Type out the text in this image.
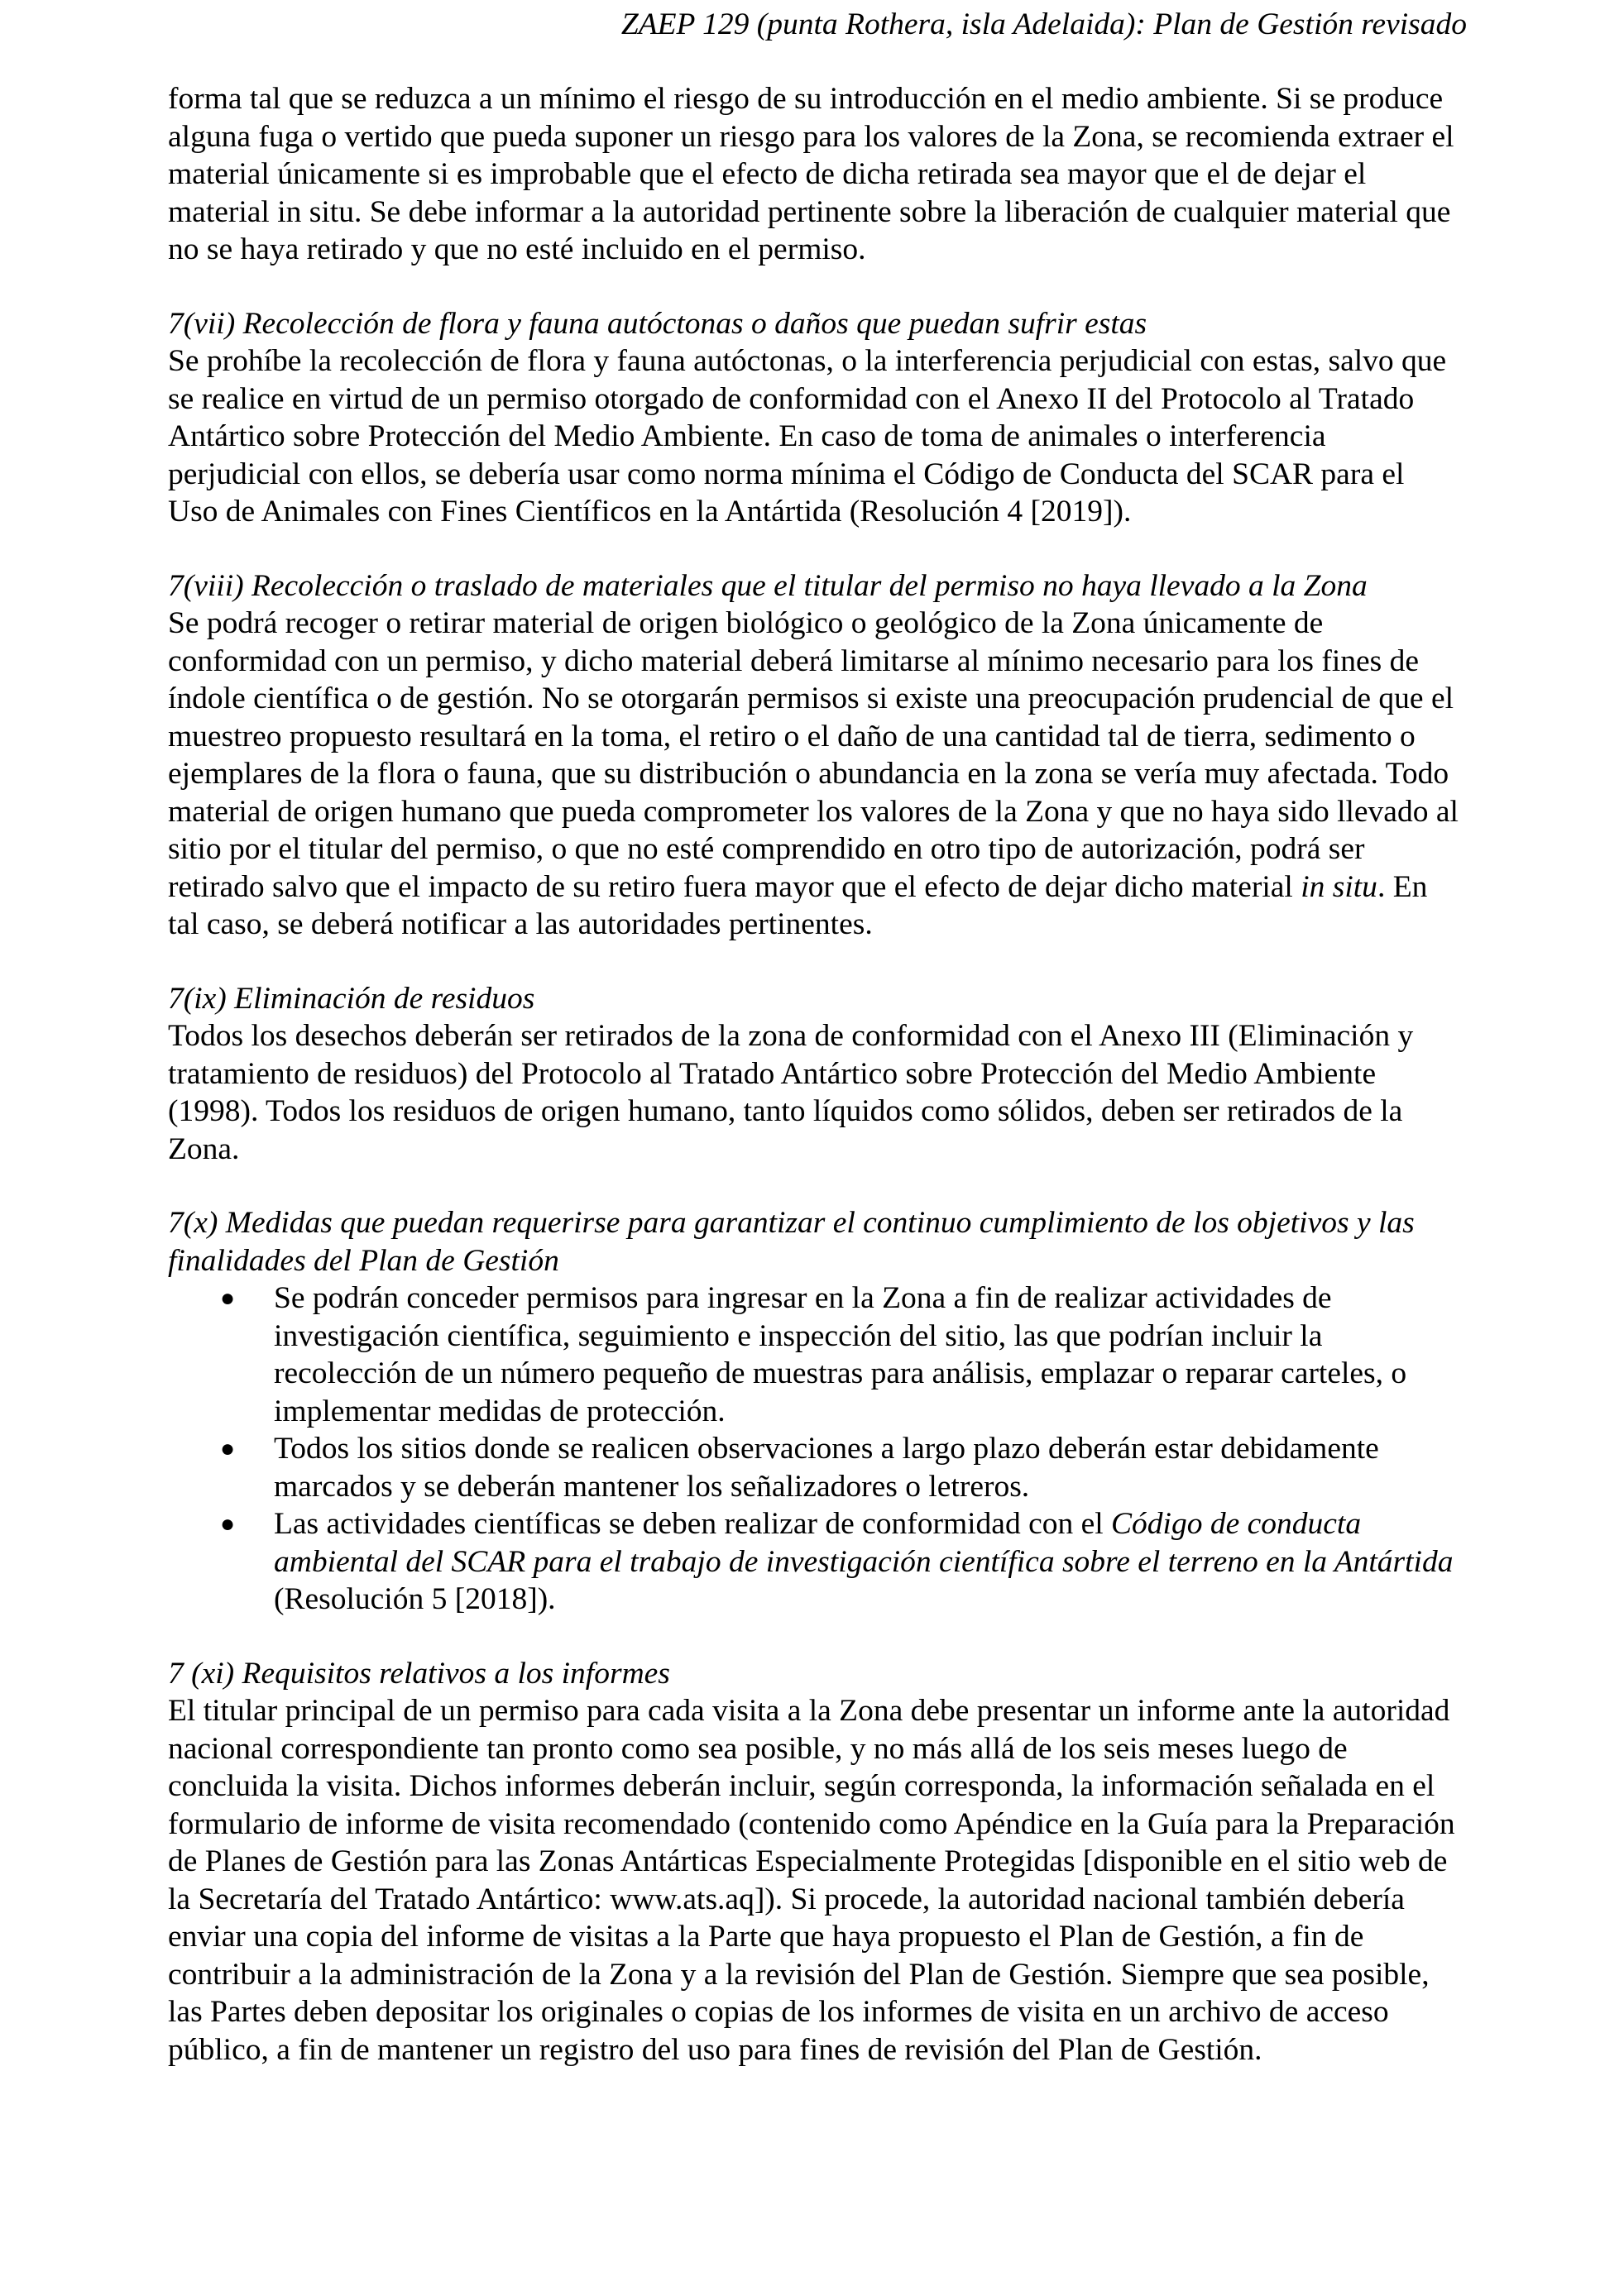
ZAEP 129 (punta Rothera, isla Adelaida): Plan de Gestión revisado

forma tal que se reduzca a un mínimo el riesgo de su introducción en el medio ambiente. Si se produce alguna fuga o vertido que pueda suponer un riesgo para los valores de la Zona, se recomienda extraer el material únicamente si es improbable que el efecto de dicha retirada sea mayor que el de dejar el material in situ. Se debe informar a la autoridad pertinente sobre la liberación de cualquier material que no se haya retirado y que no esté incluido en el permiso.

7(vii) Recolección de flora y fauna autóctonas o daños que puedan sufrir estas
Se prohíbe la recolección de flora y fauna autóctonas, o la interferencia perjudicial con estas, salvo que se realice en virtud de un permiso otorgado de conformidad con el Anexo II del Protocolo al Tratado Antártico sobre Protección del Medio Ambiente. En caso de toma de animales o interferencia perjudicial con ellos, se debería usar como norma mínima el Código de Conducta del SCAR para el Uso de Animales con Fines Científicos en la Antártida (Resolución 4 [2019]).

7(viii) Recolección o traslado de materiales que el titular del permiso no haya llevado a la Zona
Se podrá recoger o retirar material de origen biológico o geológico de la Zona únicamente de conformidad con un permiso, y dicho material deberá limitarse al mínimo necesario para los fines de índole científica o de gestión. No se otorgarán permisos si existe una preocupación prudencial de que el muestreo propuesto resultará en la toma, el retiro o el daño de una cantidad tal de tierra, sedimento o ejemplares de la flora o fauna, que su distribución o abundancia en la zona se vería muy afectada. Todo material de origen humano que pueda comprometer los valores de la Zona y que no haya sido llevado al sitio por el titular del permiso, o que no esté comprendido en otro tipo de autorización, podrá ser retirado salvo que el impacto de su retiro fuera mayor que el efecto de dejar dicho material in situ. En tal caso, se deberá notificar a las autoridades pertinentes.

7(ix) Eliminación de residuos
Todos los desechos deberán ser retirados de la zona de conformidad con el Anexo III (Eliminación y tratamiento de residuos) del Protocolo al Tratado Antártico sobre Protección del Medio Ambiente (1998). Todos los residuos de origen humano, tanto líquidos como sólidos, deben ser retirados de la Zona.

7(x) Medidas que puedan requerirse para garantizar el continuo cumplimiento de los objetivos y las finalidades del Plan de Gestión
● Se podrán conceder permisos para ingresar en la Zona a fin de realizar actividades de investigación científica, seguimiento e inspección del sitio, las que podrían incluir la recolección de un número pequeño de muestras para análisis, emplazar o reparar carteles, o implementar medidas de protección.
● Todos los sitios donde se realicen observaciones a largo plazo deberán estar debidamente marcados y se deberán mantener los señalizadores o letreros.
● Las actividades científicas se deben realizar de conformidad con el Código de conducta ambiental del SCAR para el trabajo de investigación científica sobre el terreno en la Antártida (Resolución 5 [2018]).

7 (xi) Requisitos relativos a los informes
El titular principal de un permiso para cada visita a la Zona debe presentar un informe ante la autoridad nacional correspondiente tan pronto como sea posible, y no más allá de los seis meses luego de concluida la visita. Dichos informes deberán incluir, según corresponda, la información señalada en el formulario de informe de visita recomendado (contenido como Apéndice en la Guía para la Preparación de Planes de Gestión para las Zonas Antárticas Especialmente Protegidas [disponible en el sitio web de la Secretaría del Tratado Antártico: www.ats.aq]). Si procede, la autoridad nacional también debería enviar una copia del informe de visitas a la Parte que haya propuesto el Plan de Gestión, a fin de contribuir a la administración de la Zona y a la revisión del Plan de Gestión. Siempre que sea posible, las Partes deben depositar los originales o copias de los informes de visita en un archivo de acceso público, a fin de mantener un registro del uso para fines de revisión del Plan de Gestión.
